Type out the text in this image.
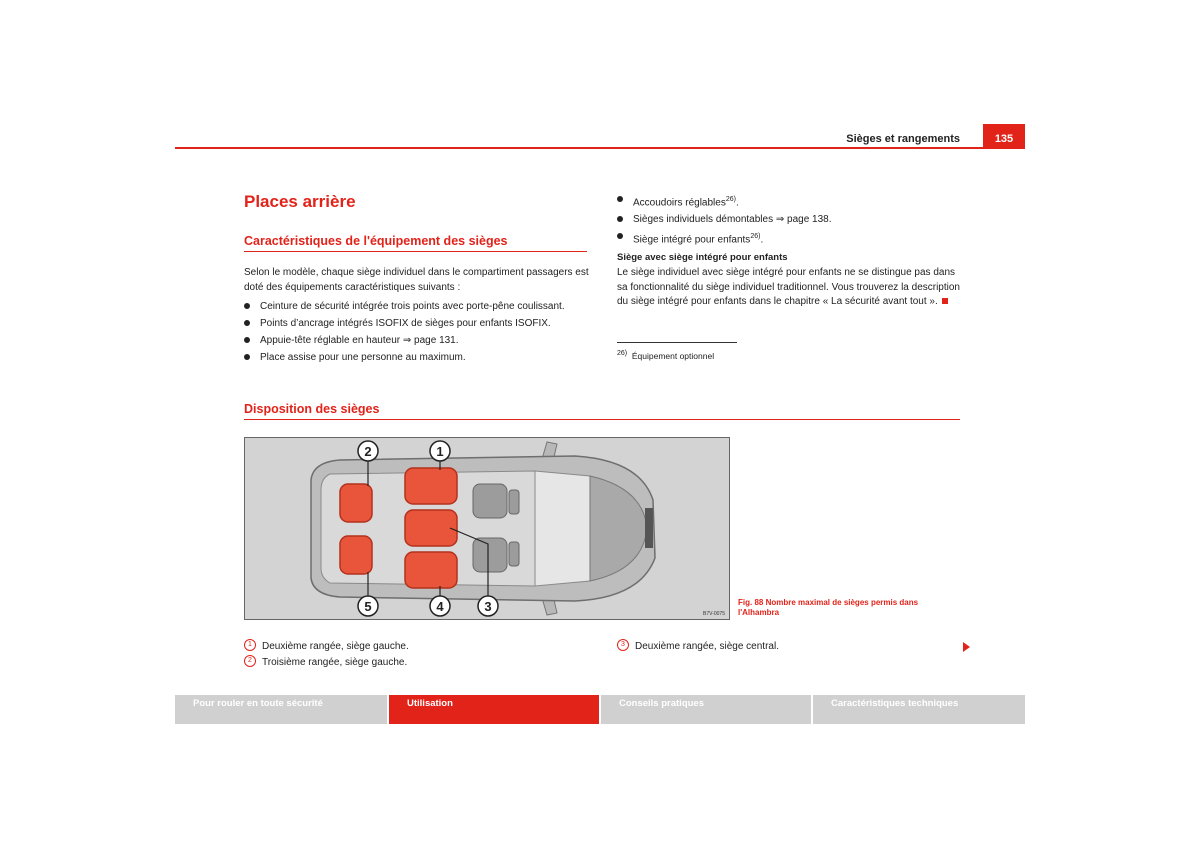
Sièges et rangements	135
Places arrière
Caractéristiques de l'équipement des sièges
Selon le modèle, chaque siège individuel dans le compartiment passagers est doté des équipements caractéristiques suivants :
Ceinture de sécurité intégrée trois points avec porte-pêne coulissant.
Points d’ancrage intégrés ISOFIX de sièges pour enfants ISOFIX.
Appuie-tête réglable en hauteur ⇒ page 131.
Place assise pour une personne au maximum.
Accoudoirs réglables$^{26)}$.
Sièges individuels démontables ⇒ page 138.
Siège intégré pour enfants$^{26)}$.
Siège avec siège intégré pour enfants
Le siège individuel avec siège intégré pour enfants ne se distingue pas dans sa fonctionnalité du siège individuel traditionnel. Vous trouverez la description du siège intégré pour enfants dans le chapitre « La sécurité avant tout ».
$^{26)}$ Équipement optionnel
Disposition des sièges
2	1
5	4	3	B7V-0075
Fig. 88 Nombre maximal de sièges permis dans l'Alhambra
1 Deuxième rangée, siège gauche.
2 Troisième rangée, siège gauche.
3 Deuxième rangée, siège central.
Pour rouler en toute sécurité	Utilisation	Conseils pratiques	Caractéristiques techniques
